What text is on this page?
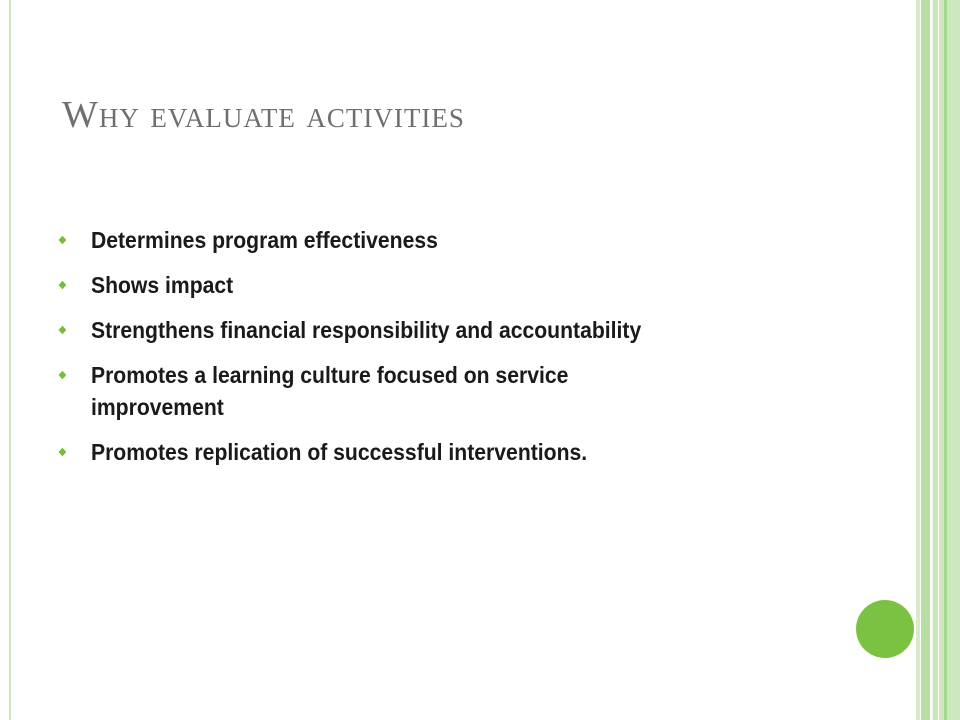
Why evaluate activities
Determines program effectiveness
Shows impact
Strengthens financial responsibility and accountability
Promotes a learning culture focused on service improvement
Promotes replication of successful interventions.
